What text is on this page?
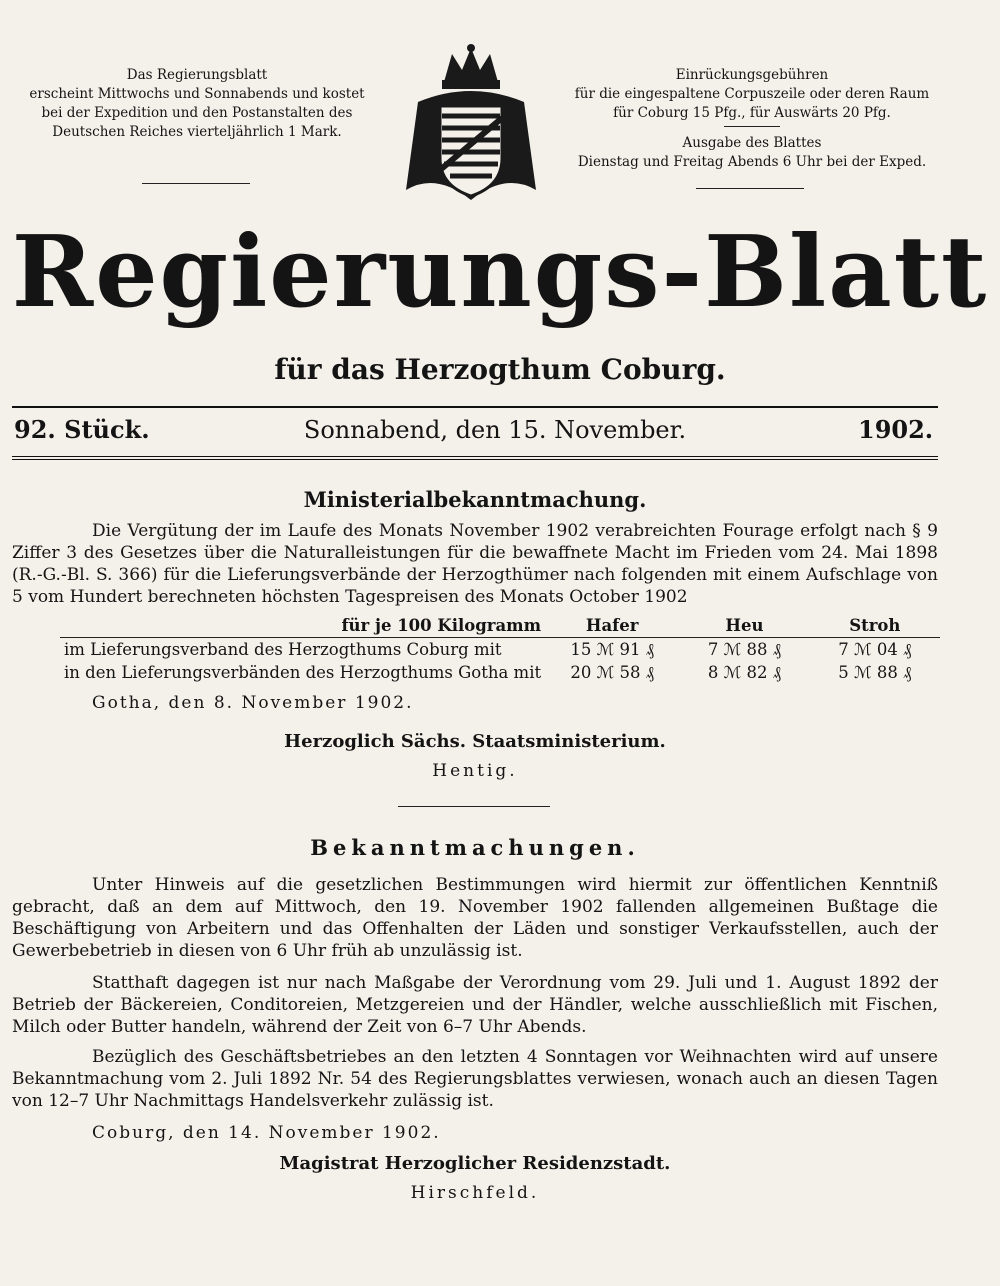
Das Regierungsblatt
erscheint Mittwochs und Sonnabends und kostet
bei der Expedition und den Postanstalten des
Deutschen Reiches vierteljährlich 1 Mark.
Einrückungsgebühren
für die eingespaltene Corpuszeile oder deren Raum
für Coburg 15 Pfg., für Auswärts 20 Pfg.
Ausgabe des Blattes
Dienstag und Freitag Abends 6 Uhr bei der Exped.
Regierungs-Blatt
für das Herzogthum Coburg.
92. Stück.	Sonnabend, den 15. November.	1902.
Ministerialbekanntmachung.

Die Vergütung der im Laufe des Monats November 1902 verabreichten Fourage erfolgt nach § 9 Ziffer 3 des Gesetzes über die Naturalleistungen für die bewaffnete Macht im Frieden vom 24. Mai 1898 (R.-G.-Bl. S. 366) für die Lieferungsverbände der Herzogthümer nach folgenden mit einem Aufschlage von 5 vom Hundert berechneten höchsten Tagespreisen des Monats October 1902

für je 100 Kilogramm	Hafer	Heu	Stroh
im Lieferungsverband des Herzogthums Coburg mit	15 ℳ 91 ₰	7 ℳ 88 ₰	7 ℳ 04 ₰
in den Lieferungsverbänden des Herzogthums Gotha mit	20 ℳ 58 ₰	8 ℳ 82 ₰	5 ℳ 88 ₰
Gotha, den 8. November 1902.
Herzoglich Sächs. Staatsministerium.
Hentig.
Bekanntmachungen.

Unter Hinweis auf die gesetzlichen Bestimmungen wird hiermit zur öffentlichen Kenntniß gebracht, daß an dem auf Mittwoch, den 19. November 1902 fallenden allgemeinen Bußtage die Beschäftigung von Arbeitern und das Offenhalten der Läden und sonstiger Verkaufsstellen, auch der Gewerbebetrieb in diesen von 6 Uhr früh ab unzulässig ist.

Statthaft dagegen ist nur nach Maßgabe der Verordnung vom 29. Juli und 1. August 1892 der Betrieb der Bäckereien, Conditoreien, Metzgereien und der Händler, welche ausschließlich mit Fischen, Milch oder Butter handeln, während der Zeit von 6–7 Uhr Abends.

Bezüglich des Geschäftsbetriebes an den letzten 4 Sonntagen vor Weihnachten wird auf unsere Bekanntmachung vom 2. Juli 1892 Nr. 54 des Regierungsblattes verwiesen, wonach auch an diesen Tagen von 12–7 Uhr Nachmittags Handelsverkehr zulässig ist.

Coburg, den 14. November 1902.
Magistrat Herzoglicher Residenzstadt.
Hirschfeld.
